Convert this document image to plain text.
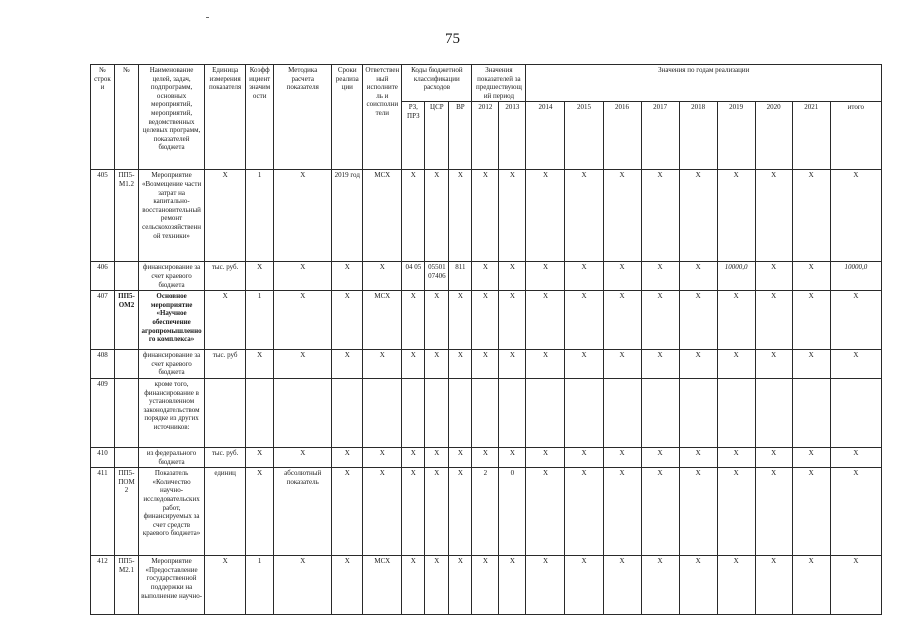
75
№ строки	№	Наименование целей, задач, подпрограмм, основных мероприятий, мероприятий, ведомственных целевых программ, показателей бюджета	Единица измерения показателя	Коэффициент значимости	Методика расчета показателя	Сроки реализации	Ответственный исполнитель и соисполнители	Коды бюджетной классификации расходов			Значения показателей за предшествующий период		Значения по годам реализации								
								РЗ, ПРЗ	ЦСР	ВР	2012	2013	2014	2015	2016	2017	2018	2019	2020	2021	итого
405	ПП5-М1.2	Мероприятие «Возмещение части затрат на капитально-восстановительный ремонт сельскохозяйственной техники»	Х	1	Х	2019 год	МСХ	Х	Х	Х	Х	Х	Х	Х	Х	Х	Х	Х	Х	Х	Х
406		финансирование за счет краевого бюджета	тыс. руб.	Х	Х	Х	Х	04 05	05501 07406	811	Х	Х	Х	Х	Х	Х	Х	10000,0	Х	Х	10000,0
407	ПП5-ОМ2	Основное мероприятие «Научное обеспечение агропромышленного комплекса»	Х	1	Х	Х	МСХ	Х	Х	Х	Х	Х	Х	Х	Х	Х	Х	Х	Х	Х	Х
408		финансирование за счет краевого бюджета	тыс. руб	Х	Х	Х	Х	Х	Х	Х	Х	Х	Х	Х	Х	Х	Х	Х	Х	Х	Х
409		кроме того, финансирование в установленном законодательством порядке из других источников:																			
410		из федерального бюджета	тыс. руб.	Х	Х	Х	Х	Х	Х	Х	Х	Х	Х	Х	Х	Х	Х	Х	Х	Х	Х
411	ПП5-ПОМ2	Показатель «Количество научно-исследовательских работ, финансируемых за счет средств краевого бюджета»	единиц	Х	абсолютный показатель	Х	Х	Х	Х	Х	2	0	Х	Х	Х	Х	Х	Х	Х	Х	Х
412	ПП5-М2.1	Мероприятие «Предоставление государственной поддержки на выполнение научно-	Х	1	Х	Х	МСХ	Х	Х	Х	Х	Х	Х	Х	Х	Х	Х	Х	Х	Х	Х
